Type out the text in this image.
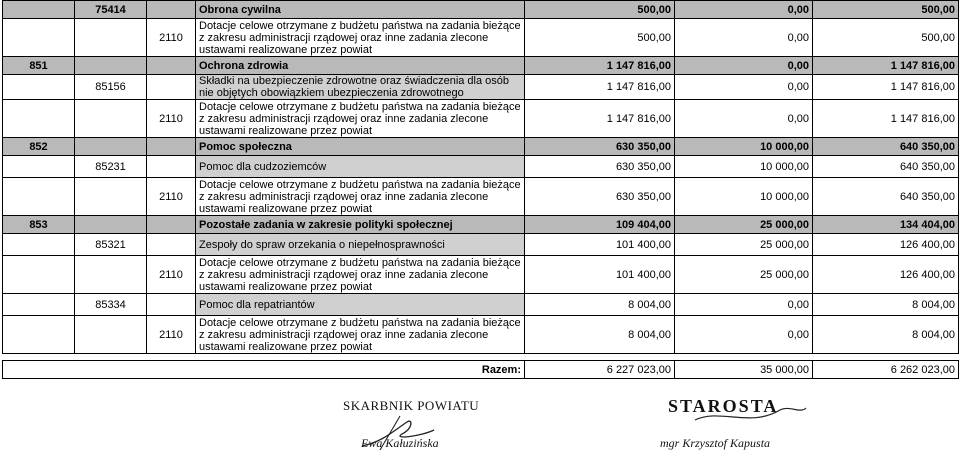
	75414		Obrona cywilna	500,00	0,00	500,00
		2110	Dotacje celowe otrzymane z budżetu państwa na zadania bieżące z zakresu administracji rządowej oraz inne zadania zlecone ustawami realizowane przez powiat	500,00	0,00	500,00
851			Ochrona zdrowia	1 147 816,00	0,00	1 147 816,00
	85156		Składki na ubezpieczenie zdrowotne oraz świadczenia dla osób nie objętych obowiązkiem ubezpieczenia zdrowotnego	1 147 816,00	0,00	1 147 816,00
		2110	Dotacje celowe otrzymane z budżetu państwa na zadania bieżące z zakresu administracji rządowej oraz inne zadania zlecone ustawami realizowane przez powiat	1 147 816,00	0,00	1 147 816,00
852			Pomoc społeczna	630 350,00	10 000,00	640 350,00
	85231		Pomoc dla cudzoziemców	630 350,00	10 000,00	640 350,00
		2110	Dotacje celowe otrzymane z budżetu państwa na zadania bieżące z zakresu administracji rządowej oraz inne zadania zlecone ustawami realizowane przez powiat	630 350,00	10 000,00	640 350,00
853			Pozostałe zadania w zakresie polityki społecznej	109 404,00	25 000,00	134 404,00
	85321		Zespoły do spraw orzekania o niepełnosprawności	101 400,00	25 000,00	126 400,00
		2110	Dotacje celowe otrzymane z budżetu państwa na zadania bieżące z zakresu administracji rządowej oraz inne zadania zlecone ustawami realizowane przez powiat	101 400,00	25 000,00	126 400,00
	85334		Pomoc dla repatriantów	8 004,00	0,00	8 004,00
		2110	Dotacje celowe otrzymane z budżetu państwa na zadania bieżące z zakresu administracji rządowej oraz inne zadania zlecone ustawami realizowane przez powiat	8 004,00	0,00	8 004,00
Razem:	6 227 023,00	35 000,00	6 262 023,00
SKARBNIK POWIATU
Ewa Kałuzińska
STAROSTA
mgr Krzysztof Kapusta
